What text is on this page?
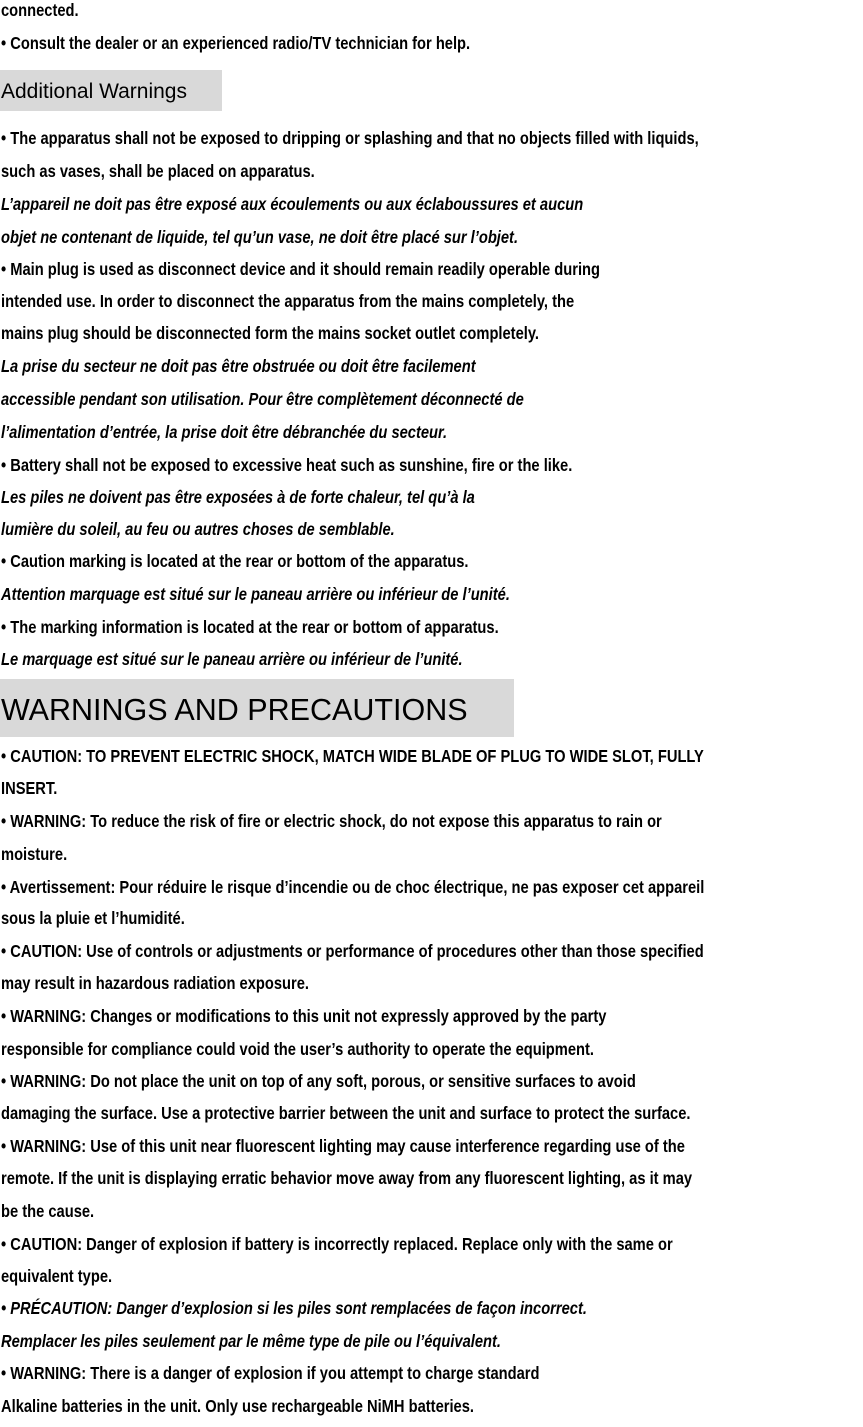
connected.
• Consult the dealer or an experienced radio/TV technician for help.
Additional Warnings
• The apparatus shall not be exposed to dripping or splashing and that no objects filled with liquids,
such as vases, shall be placed on apparatus.
L’appareil ne doit pas être exposé aux écoulements ou aux éclaboussures et aucun
objet ne contenant de liquide, tel qu’un vase, ne doit être placé sur l’objet.
• Main plug is used as disconnect device and it should remain readily operable during
intended use. In order to disconnect the apparatus from the mains completely, the
mains plug should be disconnected form the mains socket outlet completely.
La prise du secteur ne doit pas être obstruée ou doit être facilement
accessible pendant son utilisation. Pour être complètement déconnecté de
l’alimentation d’entrée, la prise doit être débranchée du secteur.
• Battery shall not be exposed to excessive heat such as sunshine, fire or the like.
Les piles ne doivent pas être exposées à de forte chaleur, tel qu’à la
lumière du soleil, au feu ou autres choses de semblable.
• Caution marking is located at the rear or bottom of the apparatus.
Attention marquage est situé sur le paneau arrière ou inférieur de l’unité.
• The marking information is located at the rear or bottom of apparatus.
Le marquage est situé sur le paneau arrière ou inférieur de l’unité.
WARNINGS AND PRECAUTIONS
• CAUTION: TO PREVENT ELECTRIC SHOCK, MATCH WIDE BLADE OF PLUG TO WIDE SLOT, FULLY
INSERT.
• WARNING: To reduce the risk of fire or electric shock, do not expose this apparatus to rain or
moisture.
• Avertissement: Pour réduire le risque d’incendie ou de choc électrique, ne pas exposer cet appareil
sous la pluie et l’humidité.
• CAUTION: Use of controls or adjustments or performance of procedures other than those specified
may result in hazardous radiation exposure.
• WARNING: Changes or modifications to this unit not expressly approved by the party
responsible for compliance could void the user’s authority to operate the equipment.
• WARNING: Do not place the unit on top of any soft, porous, or sensitive surfaces to avoid
damaging the surface. Use a protective barrier between the unit and surface to protect the surface.
• WARNING: Use of this unit near fluorescent lighting may cause interference regarding use of the
remote. If the unit is displaying erratic behavior move away from any fluorescent lighting, as it may
be the cause.
• CAUTION: Danger of explosion if battery is incorrectly replaced. Replace only with the same or
equivalent type.
• PRÉCAUTION: Danger d’explosion si les piles sont remplacées de façon incorrect.
Remplacer les piles seulement par le même type de pile ou l’équivalent.
• WARNING: There is a danger of explosion if you attempt to charge standard
Alkaline batteries in the unit. Only use rechargeable NiMH batteries.
